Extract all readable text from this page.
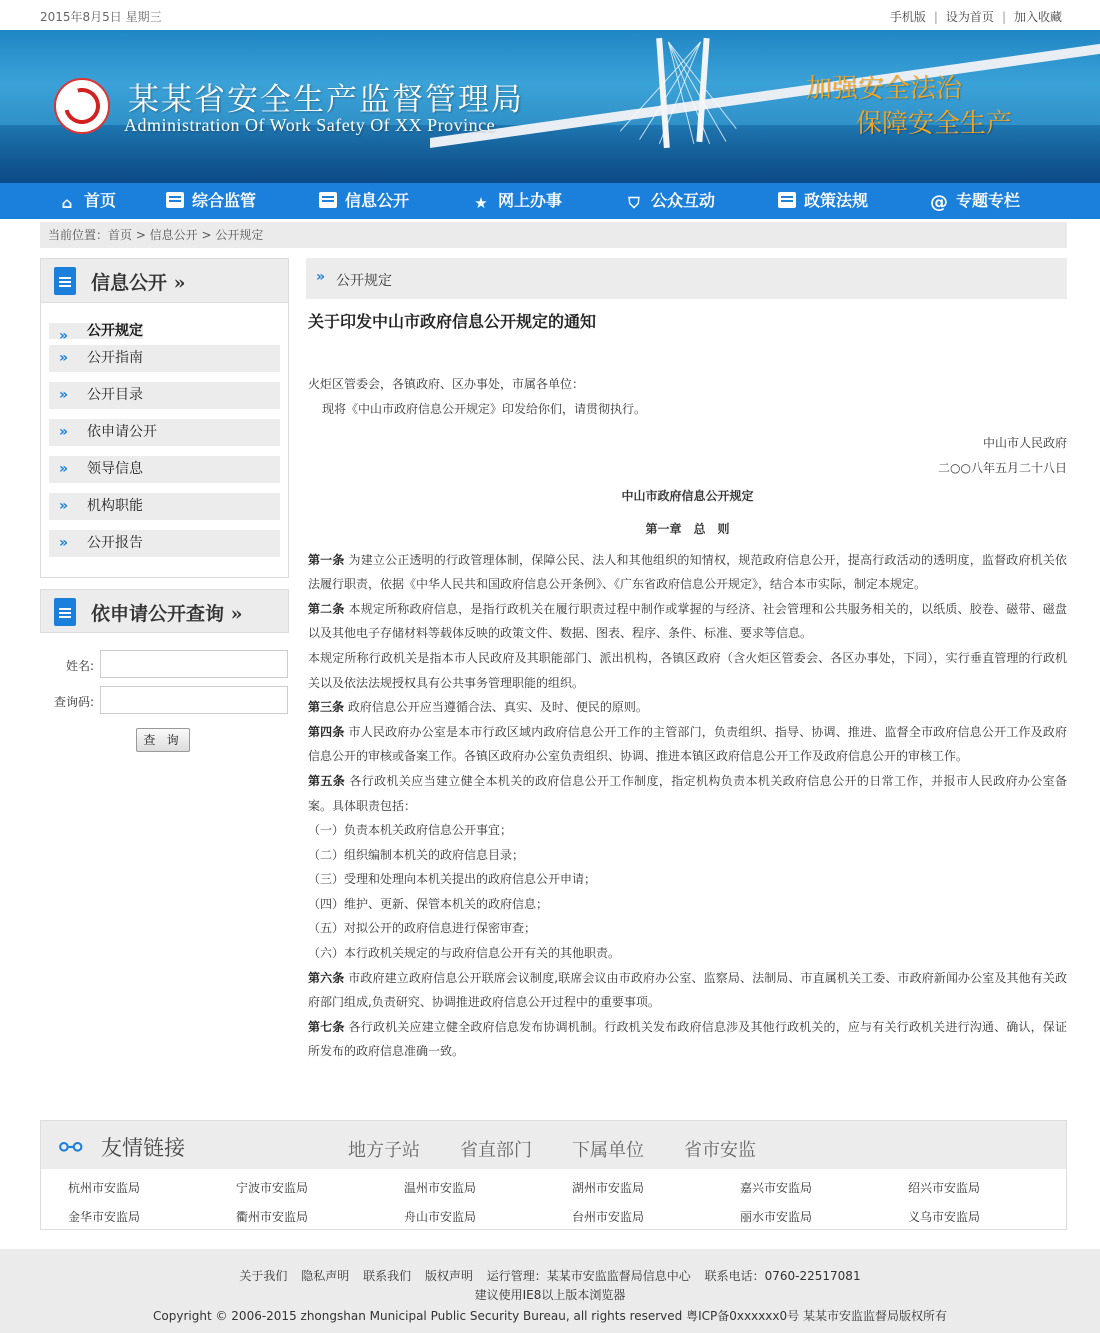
2015年8月5日 星期三	手机版 | 设为首页 | 加入收藏
某某省安全生产监督管理局
Administration Of Work Safety Of XX Province
加强安全法治
保障安全生产
⌂ 首页	综合监管	信息公开	★ 网上办事	⛉ 公众互动	政策法规	@ 专题专栏
当前位置：首页 > 信息公开 > 公开规定
信息公开 »
» 公开规定
» 公开指南
» 公开目录
» 依申请公开
» 领导信息
» 机构职能
» 公开报告
依申请公开查询 »
姓名:
查询码:
查 询
» 公开规定
关于印发中山市政府信息公开规定的通知

火炬区管委会，各镇政府、区办事处，市属各单位：

现将《中山市政府信息公开规定》印发给你们，请贯彻执行。

中山市人民政府

二○○八年五月二十八日

中山市政府信息公开规定

第一章　总　则

第一条 为建立公正透明的行政管理体制，保障公民、法人和其他组织的知情权，规范政府信息公开，提高行政活动的透明度，监督政府机关依法履行职责，依据《中华人民共和国政府信息公开条例》、《广东省政府信息公开规定》，结合本市实际，制定本规定。

第二条 本规定所称政府信息，是指行政机关在履行职责过程中制作或掌握的与经济、社会管理和公共服务相关的，以纸质、胶卷、磁带、磁盘以及其他电子存储材料等载体反映的政策文件、数据、图表、程序、条件、标准、要求等信息。

本规定所称行政机关是指本市人民政府及其职能部门、派出机构，各镇区政府（含火炬区管委会、各区办事处，下同），实行垂直管理的行政机关以及依法法规授权具有公共事务管理职能的组织。

第三条 政府信息公开应当遵循合法、真实、及时、便民的原则。

第四条 市人民政府办公室是本市行政区域内政府信息公开工作的主管部门，负责组织、指导、协调、推进、监督全市政府信息公开工作及政府信息公开的审核或备案工作。各镇区政府办公室负责组织、协调、推进本镇区政府信息公开工作及政府信息公开的审核工作。

第五条 各行政机关应当建立健全本机关的政府信息公开工作制度，指定机构负责本机关政府信息公开的日常工作，并报市人民政府办公室备案。具体职责包括：

（一）负责本机关政府信息公开事宜；

（二）组织编制本机关的政府信息目录；

（三）受理和处理向本机关提出的政府信息公开申请；

（四）维护、更新、保管本机关的政府信息；

（五）对拟公开的政府信息进行保密审查；

（六）本行政机关规定的与政府信息公开有关的其他职责。

第六条 市政府建立政府信息公开联席会议制度,联席会议由市政府办公室、监察局、法制局、市直属机关工委、市政府新闻办公室及其他有关政府部门组成,负责研究、协调推进政府信息公开过程中的重要事项。

第七条 各行政机关应建立健全政府信息发布协调机制。行政机关发布政府信息涉及其他行政机关的，应与有关行政机关进行沟通、确认，保证所发布的政府信息准确一致。

⚯ 友情链接	地方子站 省直部门 下属单位 省市安监
杭州市安监局	宁波市安监局	温州市安监局	湖州市安监局	嘉兴市安监局	绍兴市安监局
金华市安监局	衢州市安监局	舟山市安监局	台州市安监局	丽水市安监局	义乌市安监局
关于我们 隐私声明 联系我们 版权声明 运行管理：某某市安监监督局信息中心 联系电话：0760-22517081
建议使用IE8以上版本浏览器
Copyright © 2006-2015 zhongshan Municipal Public Security Bureau, all rights reserved 粤ICP备0xxxxxx0号 某某市安监监督局版权所有
